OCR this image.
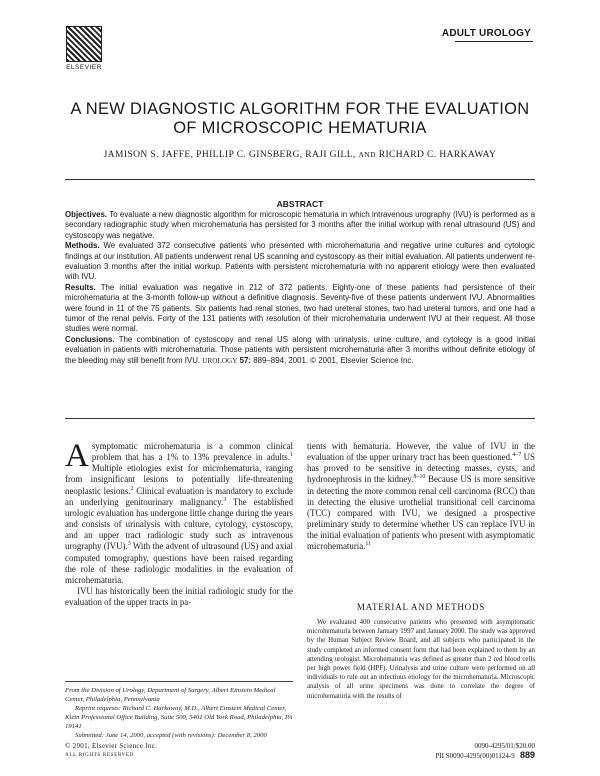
ELSEVIER
ADULT UROLOGY
A NEW DIAGNOSTIC ALGORITHM FOR THE EVALUATION
OF MICROSCOPIC HEMATURIA
JAMISON S. JAFFE, PHILLIP C. GINSBERG, RAJI GILL, AND RICHARD C. HARKAWAY
ABSTRACT

Objectives. To evaluate a new diagnostic algorithm for microscopic hematuria in which intravenous urography (IVU) is performed as a secondary radiographic study when microhematuria has persisted for 3 months after the initial workup with renal ultrasound (US) and cystoscopy was negative.

Methods. We evaluated 372 consecutive patients who presented with microhematuria and negative urine cultures and cytologic findings at our institution. All patients underwent renal US scanning and cystoscopy as their initial evaluation. All patients underwent re-evaluation 3 months after the initial workup. Patients with persistent microhematuria with no apparent etiology were then evaluated with IVU.

Results. The initial evaluation was negative in 212 of 372 patients. Eighty-one of these patients had persistence of their microhematuria at the 3-month follow-up without a definitive diagnosis. Seventy-five of these patients underwent IVU. Abnormalities were found in 11 of the 75 patients. Six patients had renal stones, two had ureteral stones, two had ureteral tumors, and one had a tumor of the renal pelvis. Forty of the 131 patients with resolution of their microhematuria underwent IVU at their request. All those studies were normal.

Conclusions. The combination of cystoscopy and renal US along with urinalysis, urine culture, and cytology is a good initial evaluation in patients with microhematuria. Those patients with persistent microhematuria after 3 months without definite etiology of the bleeding may still benefit from IVU. UROLOGY 57: 889–894, 2001. © 2001, Elsevier Science Inc.

Asymptomatic microhematuria is a common clinical problem that has a 1% to 13% prevalence in adults.$^1$ Multiple etiologies exist for microhematuria, ranging from insignificant lesions to potentially life-threatening neoplastic lesions.$^2$ Clinical evaluation is mandatory to exclude an underlying genitourinary malignancy.$^3$ The established urologic evaluation has undergone little change during the years and consists of urinalysis with culture, cytology, cystoscopy, and an upper tract radiologic study such as intravenous urography (IVU).$^3$ With the advent of ultrasound (US) and axial computed tomography, questions have been raised regarding the role of these radiologic modalities in the evaluation of microhematuria.

IVU has historically been the initial radiologic study for the evaluation of the upper tracts in pa-

tients with hematuria. However, the value of IVU in the evaluation of the upper urinary tract has been questioned.$^{4-7}$ US has proved to be sensitive in detecting masses, cysts, and hydronephrosis in the kidney.$^{8-10}$ Because US is more sensitive in detecting the more common renal cell carcinoma (RCC) than in detecting the elusive urothelial transitional cell carcinoma (TCC) compared with IVU, we designed a prospective preliminary study to determine whether US can replace IVU in the initial evaluation of patients who present with asymptomatic microhematuria.$^{11}$

MATERIAL AND METHODS

We evaluated 400 consecutive patients who presented with asymptomatic microhematuria between January 1997 and January 2000. The study was approved by the Human Subject Review Board, and all subjects who participated in the study completed an informed consent form that had been explained to them by an attending urologist. Microhematuria was defined as greater than 2 red blood cells per high power field (HPF). Urinalysis and urine culture were performed on all individuals to rule out an infectious etiology for the microhematuria. Microscopic analysis of all urine specimens was done to correlate the degree of microhematuria with the results of

From the Division of Urology, Department of Surgery, Albert Einstein Medical Center, Philadelphia, Pennsylvania

Reprint requests: Richard C. Harkaway, M.D., Albert Einstein Medical Center, Klein Professional Office Building, Suite 500, 5401 Old York Road, Philadelphia, PA 19141

Submitted: June 14, 2000, accepted (with revisions): December 8, 2000

© 2001, Elsevier Science Inc.
ALL RIGHTS RESERVED
0090-4295/01/$20.00
PII S0090-4295(00)01124-9 889
